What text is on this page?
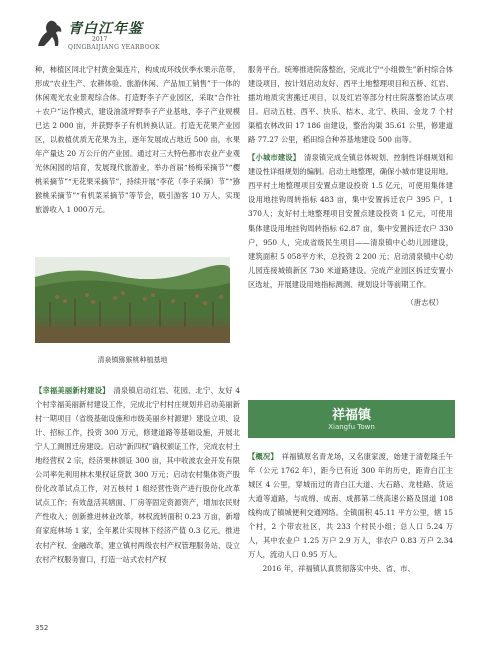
青白江年鉴
2017
QINGBAIJIANG YEARBOOK

种，柿植区同北宁村黄金渠连片，构成成环线伏季水果示范带，形成“农业生产、农耕体验、旅游休闲、产品加工销售”于一体的休闲观光农业景观综合体。打造野李子产业园区，采取“合作社＋农户”运作模式，建设油渣坪野李子产业基地，李子产业规模已达 2 000 亩，并获野李子有机转换认证。打造无花果产业园区，以救植优质无花果为主，逐年发展成占地近 500 亩，水果年产量达 20 万公斤的产业园。通过对三大特色都市农业产业观光休闲园的培育，发展现代旅游业，举办首届“杨梅采摘节”“樱桃采摘节”“无花果采摘节”，持续开展“李花（李子采摘）节”“猕猴桃采摘节”“有机菜采摘节”等节会，吸引游客 10 万人，实现旅游收入 1 000万元。

清泉镇猕猴桃种植基地

【幸福美丽新村建设】　 清泉镇启动红岩、花园、北宁、友好 4 个村幸福美丽新村建设工作，完成北宁村村庄规划并启动美丽新村一期项目（省级基础设施和市级美丽乡村源建）建设立项、设计、招标工作，投资 300 万元，修建道路等基础设施，开展北宁人工测围迁房建设。启动“新四权”确权颁证工作，完成农村土地经营权 2 宗，经济果林颁证 300 亩，其中收波农金开发有限公司率先利用林木果权证贷款 300 万元；启动农村集体资产股份化改革试点工作，对五核村 1 组经营性资产进行股份化改革试点工作；有效盘活其辖面、厂房等固定资源资产，增加农民财产性收入；创新推进林业改革，林权流转面积 0.23 万亩，新增育家庭林场 1 家，全年累计实现林下经济产值 0.3 亿元。推进农村产权、金融改革，建立镇村两级农村产权管理服务站，设立农村产权服务窗口，打造一站式农村产权

服务平台。统筹推进院落整治，完成北宁“小组微生”新村综合体建设项目，按计划启动友好、西平土地整理项目和五桥、红岩、擂坊地质灾害搬迁项目，以及红岩等部分村庄院落整治试点项目。启动五桂、西平、快乐、桔木、北宁、秩田、金龙 7 个村渠植农林改田 17 186 亩建设，整治沟渠 35.61 公里，修建道路 77.27 公里，稻田综合种养基地建设 500 亩等。

【小城市建设】　 清泉镇完成全镇总体规划、控制性详细规划和建设性详细规划的编制。启动土地整理，确保小城市建设用地。西平村土地整理项目安置点建设投资 1.5 亿元，可使用集体建设用地挂钩周转指标 483 亩，集中安置拆迁农户 395 户，1 370人；友好村土地整理项目安置点建设投资 1 亿元，可使用集体建设用地挂钩周转指标 62.87 亩，集中安置拆迁农户 330 户，950 人，完成省级民生项目——清泉镇中心幼儿园建设，建筑面积 5 058平方米，总投资 2 200 元；启动清泉镇中心幼儿园连接城镇新区 730 米道路建设。完成产业园区拆迁安置小区选址，开展建设用地指标测测、规划设计等前期工作。

（唐志权）

祥福镇
Xiangfu Town

【概况】　 祥福镇原名青龙场，又名康家渡，始建于清乾隆壬午年（公元 1762 年），距今已有近 300 年的历史，距青白江主城区 4 公里，穿城而过的青白江大道、大石路、龙桂路、货运大道等道路，与成绵、成南、成都第二绕高速公路及国道 108 线构成了镇城便利交通网络。全镇面积 45.11 平方公里，辖 15 个村，2 个带农社区，共 233 个村民小组；总人口 5.24 万人，其中农业户 1.25 万户 2.9 万人，非农户 0.83 万户 2.34 万人，流动人口 0.95 万人。

2016 年，祥福镇认真贯彻落实中央、省、市、

352
